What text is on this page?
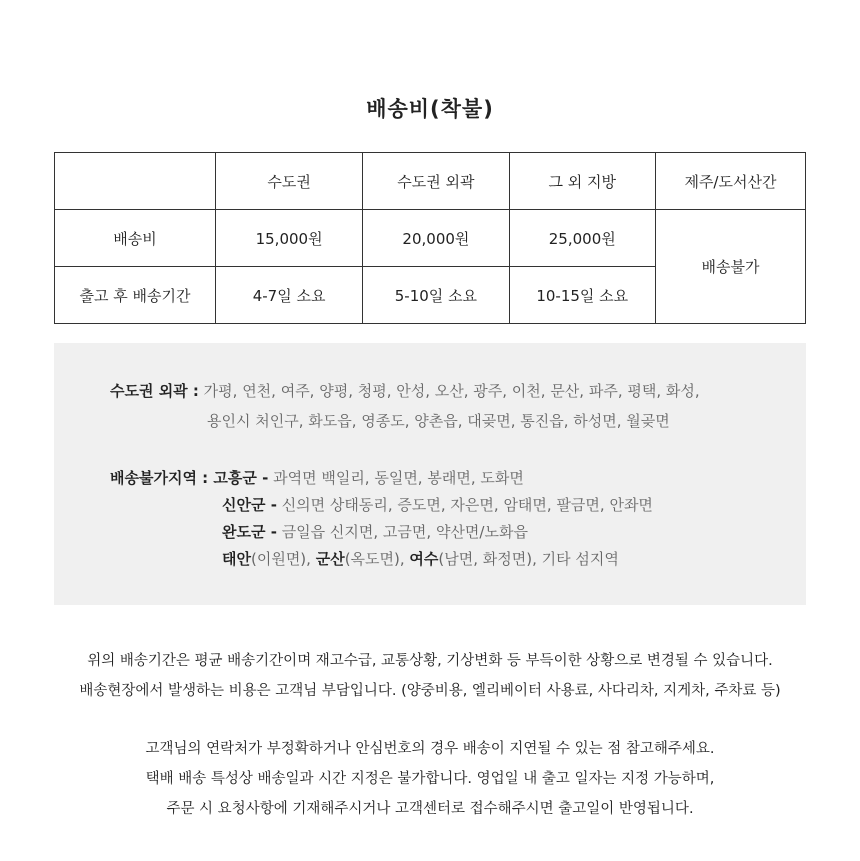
배송비(착불)
	수도권	수도권 외곽	그 외 지방	제주/도서산간
배송비	15,000원	20,000원	25,000원	배송불가
출고 후 배송기간	4-7일 소요	5-10일 소요	10-15일 소요	
수도권 외곽 : 가평, 연천, 여주, 양평, 청평, 안성, 오산, 광주, 이천, 문산, 파주, 평택, 화성,
용인시 처인구, 화도읍, 영종도, 양촌읍, 대곶면, 통진읍, 하성면, 월곶면
배송불가지역 : 고흥군 - 과역면 백일리, 동일면, 봉래면, 도화면
신안군 - 신의면 상태동리, 증도면, 자은면, 암태면, 팔금면, 안좌면
완도군 - 금일읍 신지면, 고금면, 약산면/노화읍
태안(이원면), 군산(옥도면), 여수(남면, 화정면), 기타 섬지역
위의 배송기간은 평균 배송기간이며 재고수급, 교통상황, 기상변화 등 부득이한 상황으로 변경될 수 있습니다.
배송현장에서 발생하는 비용은 고객님 부담입니다. (양중비용, 엘리베이터 사용료, 사다리차, 지게차, 주차료 등)
고객님의 연락처가 부정확하거나 안심번호의 경우 배송이 지연될 수 있는 점 참고해주세요.
택배 배송 특성상 배송일과 시간 지정은 불가합니다. 영업일 내 출고 일자는 지정 가능하며,
주문 시 요청사항에 기재해주시거나 고객센터로 접수해주시면 출고일이 반영됩니다.
